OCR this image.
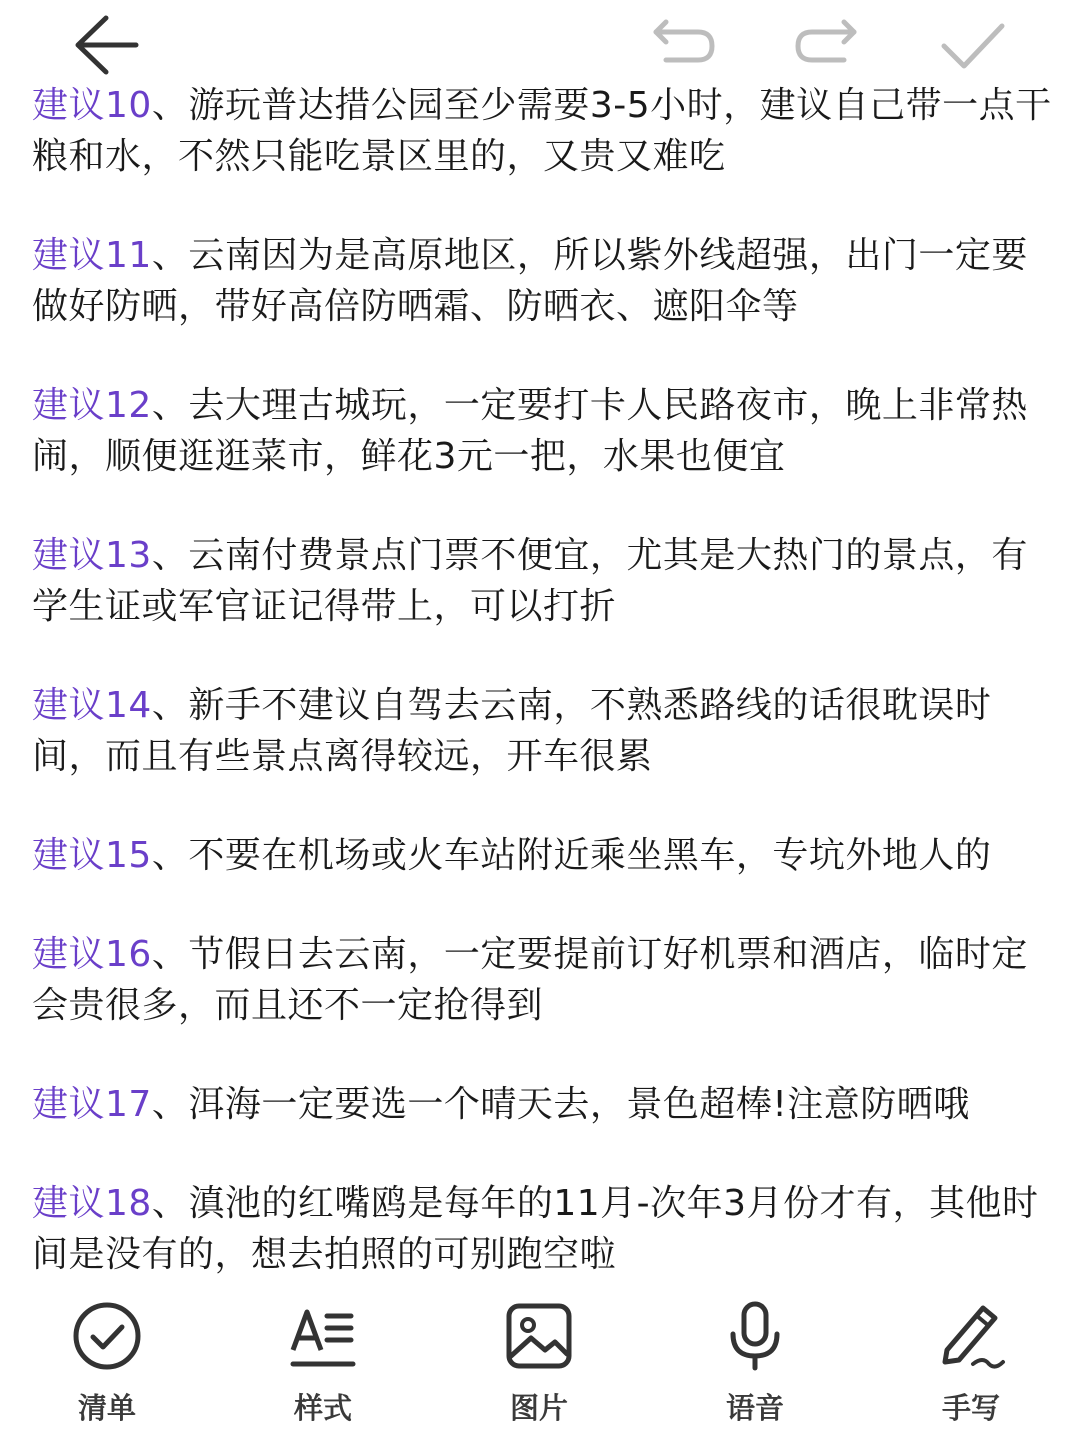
建议10、游玩普达措公园至少需要3-5小时，建议自己带一点干粮和水，不然只能吃景区里的，又贵又难吃

建议11、云南因为是高原地区，所以紫外线超强，出门一定要做好防晒，带好高倍防晒霜、防晒衣、遮阳伞等

建议12、去大理古城玩，一定要打卡人民路夜市，晚上非常热闹，顺便逛逛菜市，鲜花3元一把，水果也便宜

建议13、云南付费景点门票不便宜，尤其是大热门的景点，有学生证或军官证记得带上，可以打折

建议14、新手不建议自驾去云南，不熟悉路线的话很耽误时间，而且有些景点离得较远，开车很累

建议15、不要在机场或火车站附近乘坐黑车，专坑外地人的

建议16、节假日去云南，一定要提前订好机票和酒店，临时定会贵很多，而且还不一定抢得到

建议17、洱海一定要选一个晴天去，景色超棒!注意防晒哦

建议18、滇池的红嘴鸥是每年的11月-次年3月份才有，其他时间是没有的，想去拍照的可别跑空啦

清单	样式	图片	语音	手写
